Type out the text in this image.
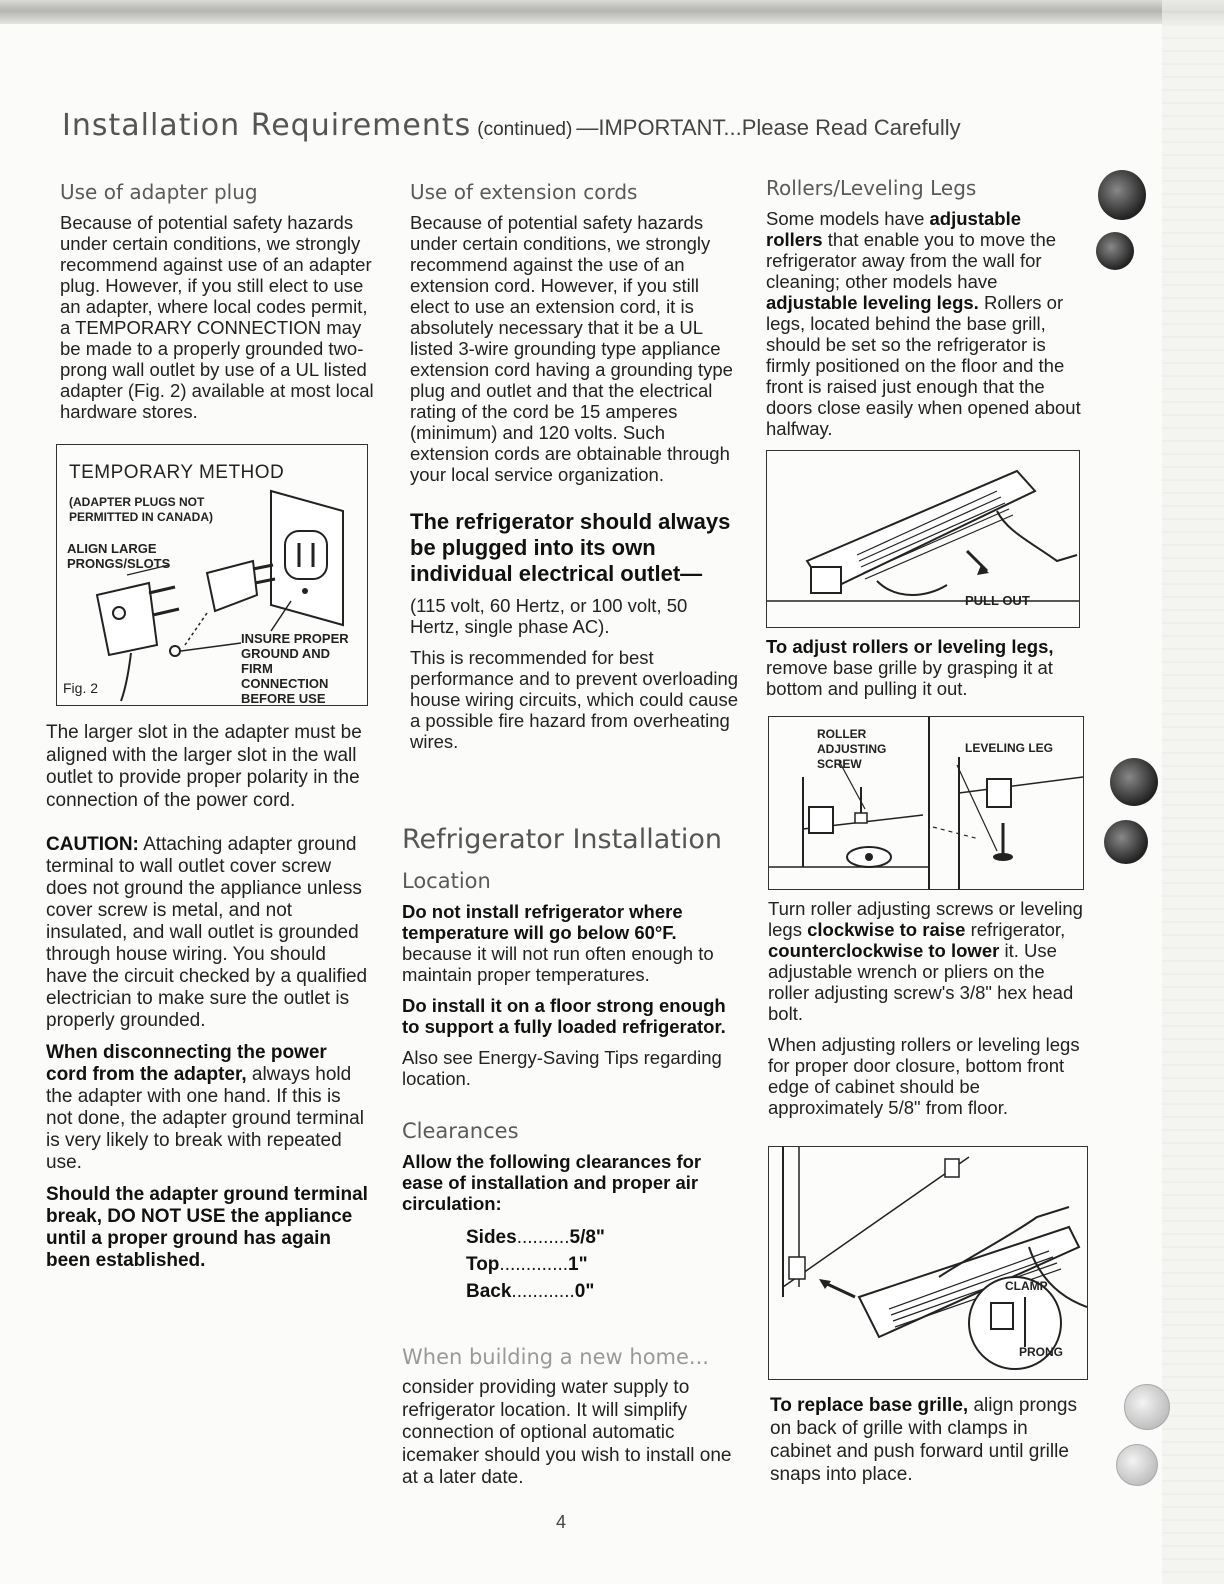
Installation Requirements (continued) —IMPORTANT...Please Read Carefully
Use of adapter plug

Because of potential safety hazards under certain conditions, we strongly recommend against use of an adapter plug. However, if you still elect to use an adapter, where local codes permit, a TEMPORARY CONNECTION may be made to a properly grounded two-prong wall outlet by use of a UL listed adapter (Fig. 2) available at most local hardware stores.

TEMPORARY METHOD
(ADAPTER PLUGS NOT PERMITTED IN CANADA)
ALIGN LARGE PRONGS/SLOTS
INSURE PROPER GROUND AND FIRM CONNECTION BEFORE USE
Fig. 2

The larger slot in the adapter must be aligned with the larger slot in the wall outlet to provide proper polarity in the connection of the power cord.

CAUTION: Attaching adapter ground terminal to wall outlet cover screw does not ground the appliance unless cover screw is metal, and not insulated, and wall outlet is grounded through house wiring. You should have the circuit checked by a qualified electrician to make sure the outlet is properly grounded.

When disconnecting the power cord from the adapter, always hold the adapter with one hand. If this is not done, the adapter ground terminal is very likely to break with repeated use.

Should the adapter ground terminal break, DO NOT USE the appliance until a proper ground has again been established.

Use of extension cords

Because of potential safety hazards under certain conditions, we strongly recommend against the use of an extension cord. However, if you still elect to use an extension cord, it is absolutely necessary that it be a UL listed 3-wire grounding type appliance extension cord having a grounding type plug and outlet and that the electrical rating of the cord be 15 amperes (minimum) and 120 volts. Such extension cords are obtainable through your local service organization.

The refrigerator should always be plugged into its own individual electrical outlet—

(115 volt, 60 Hertz, or 100 volt, 50 Hertz, single phase AC).

This is recommended for best performance and to prevent overloading house wiring circuits, which could cause a possible fire hazard from overheating wires.

Refrigerator Installation
Location

Do not install refrigerator where temperature will go below 60°F. because it will not run often enough to maintain proper temperatures.

Do install it on a floor strong enough to support a fully loaded refrigerator.

Also see Energy-Saving Tips regarding location.

Clearances

Allow the following clearances for ease of installation and proper air circulation:

Sides..........5/8"
Top.............1"
Back............0"
When building a new home...

consider providing water supply to refrigerator location. It will simplify connection of optional automatic icemaker should you wish to install one at a later date.

Rollers/Leveling Legs

Some models have adjustable rollers that enable you to move the refrigerator away from the wall for cleaning; other models have adjustable leveling legs. Rollers or legs, located behind the base grill, should be set so the refrigerator is firmly positioned on the floor and the front is raised just enough that the doors close easily when opened about halfway.

PULL OUT

To adjust rollers or leveling legs, remove base grille by grasping it at bottom and pulling it out.

ROLLER ADJUSTING SCREW
LEVELING LEG

Turn roller adjusting screws or leveling legs clockwise to raise refrigerator, counterclockwise to lower it. Use adjustable wrench or pliers on the roller adjusting screw's 3/8" hex head bolt.

When adjusting rollers or leveling legs for proper door closure, bottom front edge of cabinet should be approximately 5/8" from floor.

CLAMP
PRONG

To replace base grille, align prongs on back of grille with clamps in cabinet and push forward until grille snaps into place.

4
